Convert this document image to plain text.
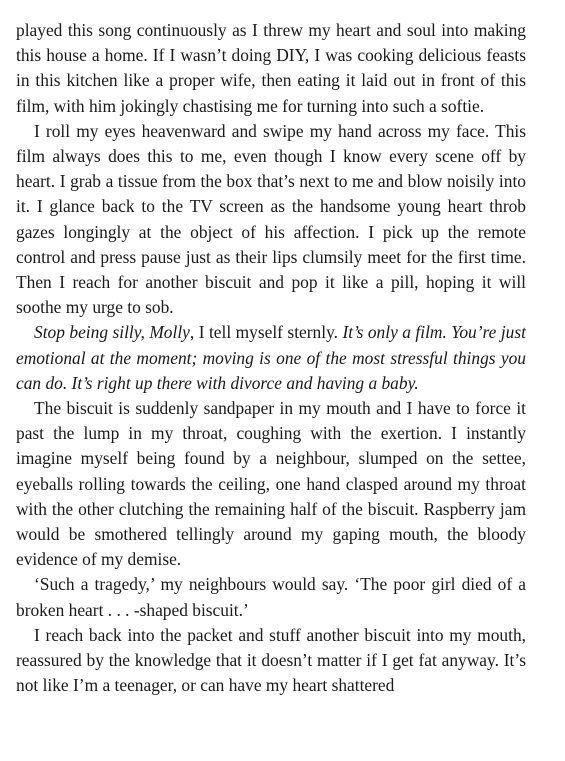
played this song continuously as I threw my heart and soul into making this house a home. If I wasn’t doing DIY, I was cooking delicious feasts in this kitchen like a proper wife, then eating it laid out in front of this film, with him jokingly chastising me for turning into such a softie.

I roll my eyes heavenward and swipe my hand across my face. This film always does this to me, even though I know every scene off by heart. I grab a tissue from the box that’s next to me and blow noisily into it. I glance back to the TV screen as the handsome young heart throb gazes longingly at the object of his affection. I pick up the remote control and press pause just as their lips clumsily meet for the first time. Then I reach for another biscuit and pop it like a pill, hoping it will soothe my urge to sob.

Stop being silly, Molly, I tell myself sternly. It’s only a film. You’re just emotional at the moment; moving is one of the most stressful things you can do. It’s right up there with divorce and having a baby.

The biscuit is suddenly sandpaper in my mouth and I have to force it past the lump in my throat, coughing with the exertion. I instantly imagine myself being found by a neighbour, slumped on the settee, eyeballs rolling towards the ceiling, one hand clasped around my throat with the other clutching the remaining half of the biscuit. Raspberry jam would be smothered tellingly around my gaping mouth, the bloody evidence of my demise.

‘Such a tragedy,’ my neighbours would say. ‘The poor girl died of a broken heart . . . -shaped biscuit.’

I reach back into the packet and stuff another biscuit into my mouth, reassured by the knowledge that it doesn’t matter if I get fat anyway. It’s not like I’m a teenager, or can have my heart shattered
